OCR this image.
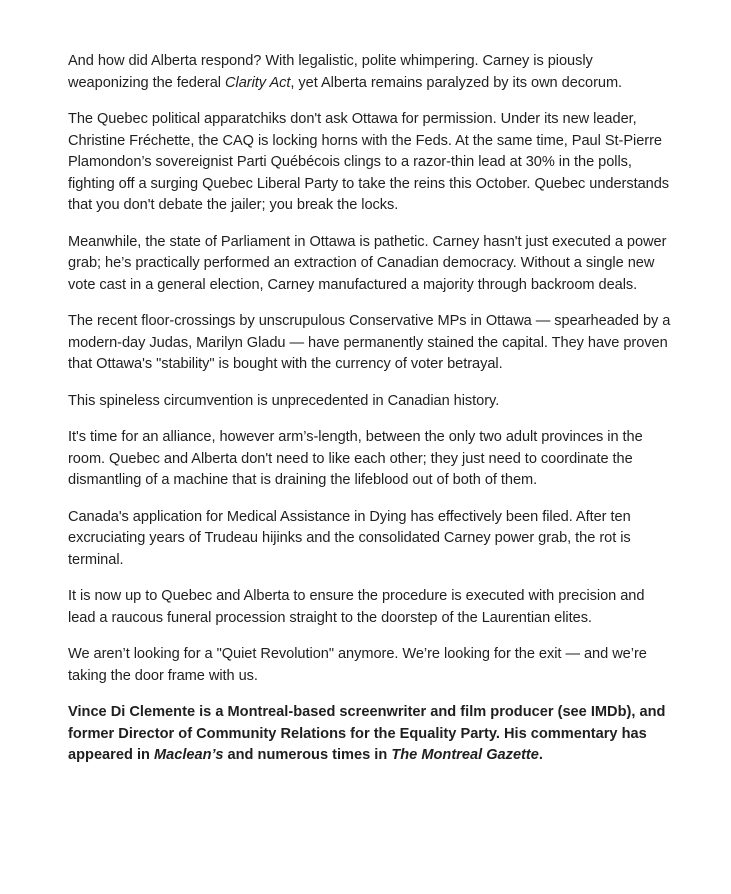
And how did Alberta respond? With legalistic, polite whimpering. Carney is piously weaponizing the federal Clarity Act, yet Alberta remains paralyzed by its own decorum.

The Quebec political apparatchiks don't ask Ottawa for permission. Under its new leader, Christine Fréchette, the CAQ is locking horns with the Feds. At the same time, Paul St-Pierre Plamondon’s sovereignist Parti Québécois clings to a razor-thin lead at 30% in the polls, fighting off a surging Quebec Liberal Party to take the reins this October. Quebec understands that you don't debate the jailer; you break the locks.

Meanwhile, the state of Parliament in Ottawa is pathetic. Carney hasn't just executed a power grab; he’s practically performed an extraction of Canadian democracy. Without a single new vote cast in a general election, Carney manufactured a majority through backroom deals.

The recent floor-crossings by unscrupulous Conservative MPs in Ottawa — spearheaded by a modern-day Judas, Marilyn Gladu — have permanently stained the capital. They have proven that Ottawa's "stability" is bought with the currency of voter betrayal.

This spineless circumvention is unprecedented in Canadian history.

It's time for an alliance, however arm’s-length, between the only two adult provinces in the room. Quebec and Alberta don't need to like each other; they just need to coordinate the dismantling of a machine that is draining the lifeblood out of both of them.

Canada's application for Medical Assistance in Dying has effectively been filed. After ten excruciating years of Trudeau hijinks and the consolidated Carney power grab, the rot is terminal.

It is now up to Quebec and Alberta to ensure the procedure is executed with precision and lead a raucous funeral procession straight to the doorstep of the Laurentian elites.

We aren’t looking for a "Quiet Revolution" anymore. We’re looking for the exit — and we’re taking the door frame with us.

Vince Di Clemente is a Montreal-based screenwriter and film producer (see IMDb), and former Director of Community Relations for the Equality Party. His commentary has appeared in Maclean’s and numerous times in The Montreal Gazette.
